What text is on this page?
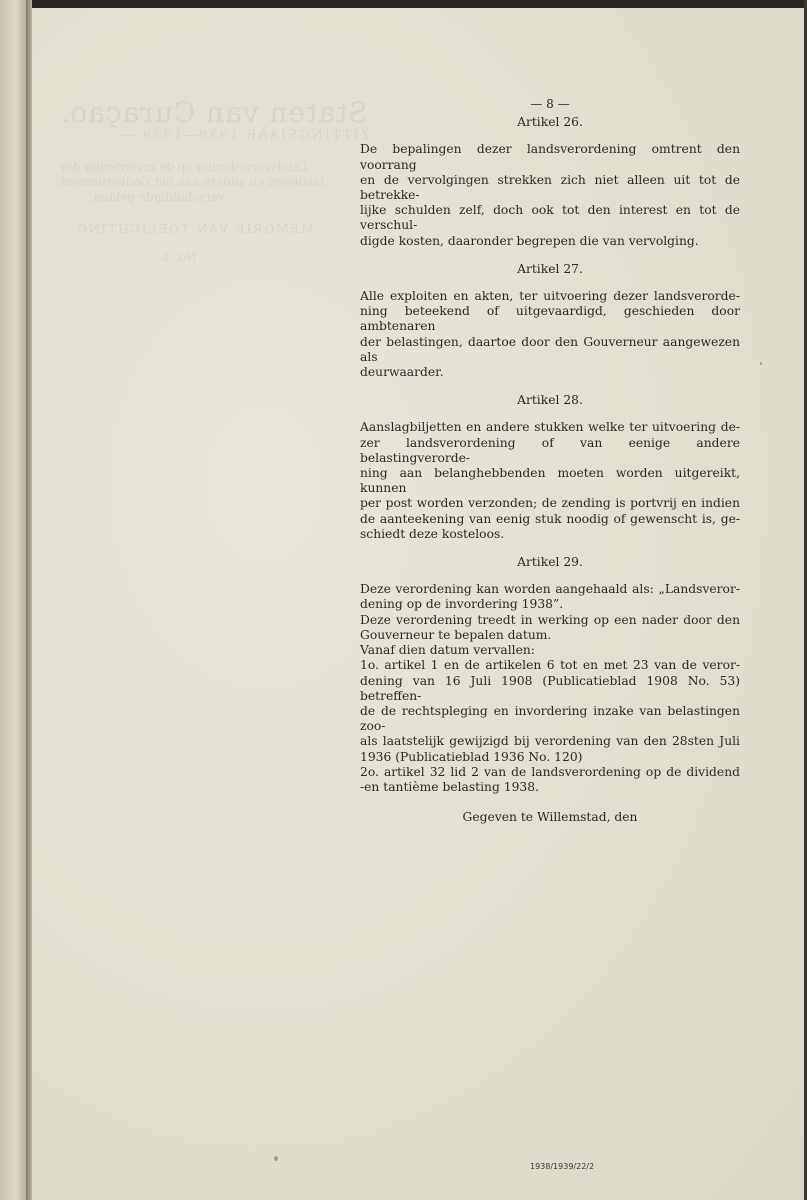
Staten van Curaçao.
ZITTINGSJAAR 1938—1939 —
Landsverordening op de invordering der
lastingen en andere aan het Gouvernement
verschuldigde gelden.
MEMORIE VAN TOELICHTING.
No. 3.
— 8 —
Artikel 26.
De bepalingen dezer landsverordening omtrent den voorrang
en de vervolgingen strekken zich niet alleen uit tot de betrekke-
lijke schulden zelf, doch ook tot den interest en tot de verschul-
digde kosten, daaronder begrepen die van vervolging.
Artikel 27.
Alle exploiten en akten, ter uitvoering dezer landsverorde-
ning beteekend of uitgevaardigd, geschieden door ambtenaren
der belastingen, daartoe door den Gouverneur aangewezen als
deurwaarder.
Artikel 28.
Aanslagbiljetten en andere stukken welke ter uitvoering de-
zer landsverordening of van eenige andere belastingverorde-
ning aan belanghebbenden moeten worden uitgereikt, kunnen
per post worden verzonden; de zending is portvrij en indien
de aanteekening van eenig stuk noodig of gewenscht is, ge-
schiedt deze kosteloos.
Artikel 29.
Deze verordening kan worden aangehaald als: „Landsveror-
dening op de invordering 1938”.
Deze verordening treedt in werking op een nader door den
Gouverneur te bepalen datum.
Vanaf dien datum vervallen:
1o. artikel 1 en de artikelen 6 tot en met 23 van de veror-
dening van 16 Juli 1908 (Publicatieblad 1908 No. 53) betreffen-
de de rechtspleging en invordering inzake van belastingen zoo-
als laatstelijk gewijzigd bij verordening van den 28sten Juli
1936 (Publicatieblad 1936 No. 120)
2o. artikel 32 lid 2 van de landsverordening op de dividend
-en tantième belasting 1938.
Gegeven te Willemstad, den
1938/1939/22/2
